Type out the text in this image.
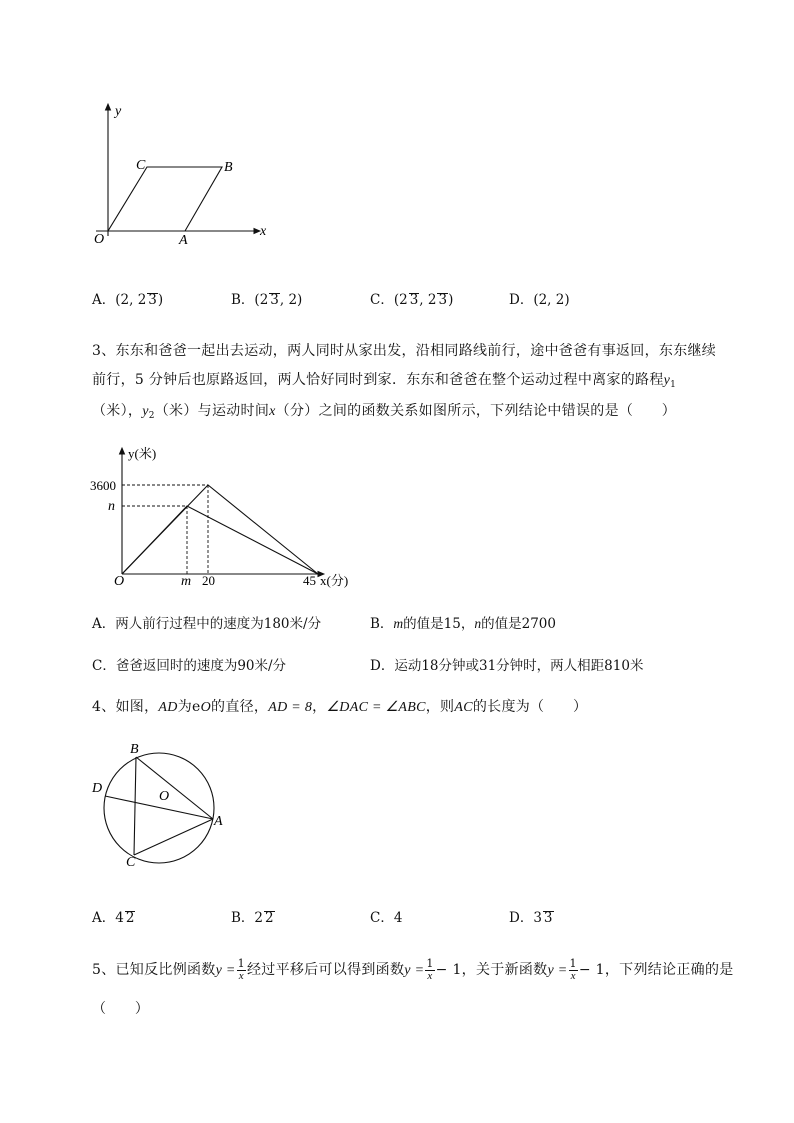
y
x
O	A
B
C
A．(2, 2 3)	B．(2 3, 2)	C．(2 3, 2 3)	D．(2, 2)
3、东东和爸爸一起出去运动，两人同时从家出发，沿相同路线前行，途中爸爸有事返回，东东继续
前行，5 分钟后也原路返回，两人恰好同时到家．东东和爸爸在整个运动过程中离家的路程$y_1$
（米），$y_2$（米）与运动时间x（分）之间的函数关系如图所示，下列结论中错误的是（　　）
y(米)
x(分)
O
3600
n
m 20	45
A．两人前行过程中的速度为180米/分	B．m的值是15，n的值是2700
C．爸爸返回时的速度为90米/分	D．运动18分钟或31分钟时，两人相距810米
4、如图，AD为eO的直径，AD = 8，∠DAC = ∠ABC，则AC的长度为（　　）
B
D
O
A
C
A．4 2	B．2 2	C．4	D．3 3
5、已知反比例函数$y = \frac{1}{x}$ 经过平移后可以得到函数$y = \frac{1}{x} - 1$，关于新函数$y = \frac{1}{x} - 1$，下列结论正确的是
（　　）
